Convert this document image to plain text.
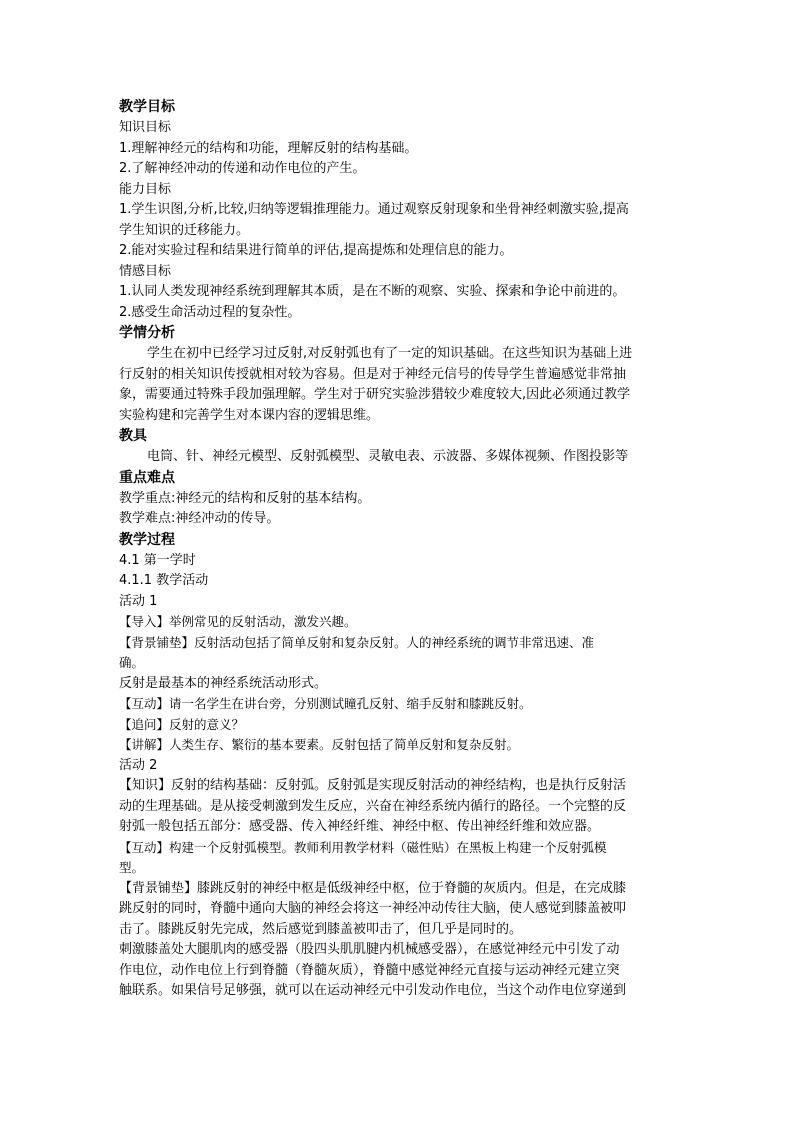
教学目标
知识目标
1.理解神经元的结构和功能，理解反射的结构基础。
2.了解神经冲动的传递和动作电位的产生。
能力目标
1.学生识图,分析,比较,归纳等逻辑推理能力。通过观察反射现象和坐骨神经刺激实验,提高
学生知识的迁移能力。
2.能对实验过程和结果进行简单的评估,提高提炼和处理信息的能力。
情感目标
1.认同人类发现神经系统到理解其本质，是在不断的观察、实验、探索和争论中前进的。
2.感受生命活动过程的复杂性。
学情分析
学生在初中已经学习过反射,对反射弧也有了一定的知识基础。在这些知识为基础上进
行反射的相关知识传授就相对较为容易。但是对于神经元信号的传导学生普遍感觉非常抽
象，需要通过特殊手段加强理解。学生对于研究实验涉猎较少难度较大,因此必须通过教学
实验构建和完善学生对本课内容的逻辑思维。
教具
电筒、针、神经元模型、反射弧模型、灵敏电表、示波器、多媒体视频、作图投影等
重点难点
教学重点:神经元的结构和反射的基本结构。
教学难点:神经冲动的传导。
教学过程
4.1 第一学时
4.1.1 教学活动
活动 1
【导入】举例常见的反射活动，激发兴趣。
【背景铺垫】反射活动包括了简单反射和复杂反射。人的神经系统的调节非常迅速、准
确。
反射是最基本的神经系统活动形式。
【互动】请一名学生在讲台旁，分别测试瞳孔反射、缩手反射和膝跳反射。
【追问】反射的意义？
【讲解】人类生存、繁衍的基本要素。反射包括了简单反射和复杂反射。
活动 2
【知识】反射的结构基础：反射弧。反射弧是实现反射活动的神经结构，也是执行反射活
动的生理基础。是从接受刺激到发生反应，兴奋在神经系统内循行的路径。一个完整的反
射弧一般包括五部分：感受器、传入神经纤维、神经中枢、传出神经纤维和效应器。
【互动】构建一个反射弧模型。教师利用教学材料（磁性贴）在黑板上构建一个反射弧模
型。
【背景铺垫】膝跳反射的神经中枢是低级神经中枢，位于脊髓的灰质内。但是，在完成膝
跳反射的同时，脊髓中通向大脑的神经会将这一神经冲动传往大脑，使人感觉到膝盖被叩
击了。膝跳反射先完成，然后感觉到膝盖被叩击了，但几乎是同时的。
刺激膝盖处大腿肌肉的感受器（股四头肌肌腱内机械感受器），在感觉神经元中引发了动
作电位，动作电位上行到脊髓（脊髓灰质），脊髓中感觉神经元直接与运动神经元建立突
触联系。如果信号足够强，就可以在运动神经元中引发动作电位，当这个动作电位穿递到
